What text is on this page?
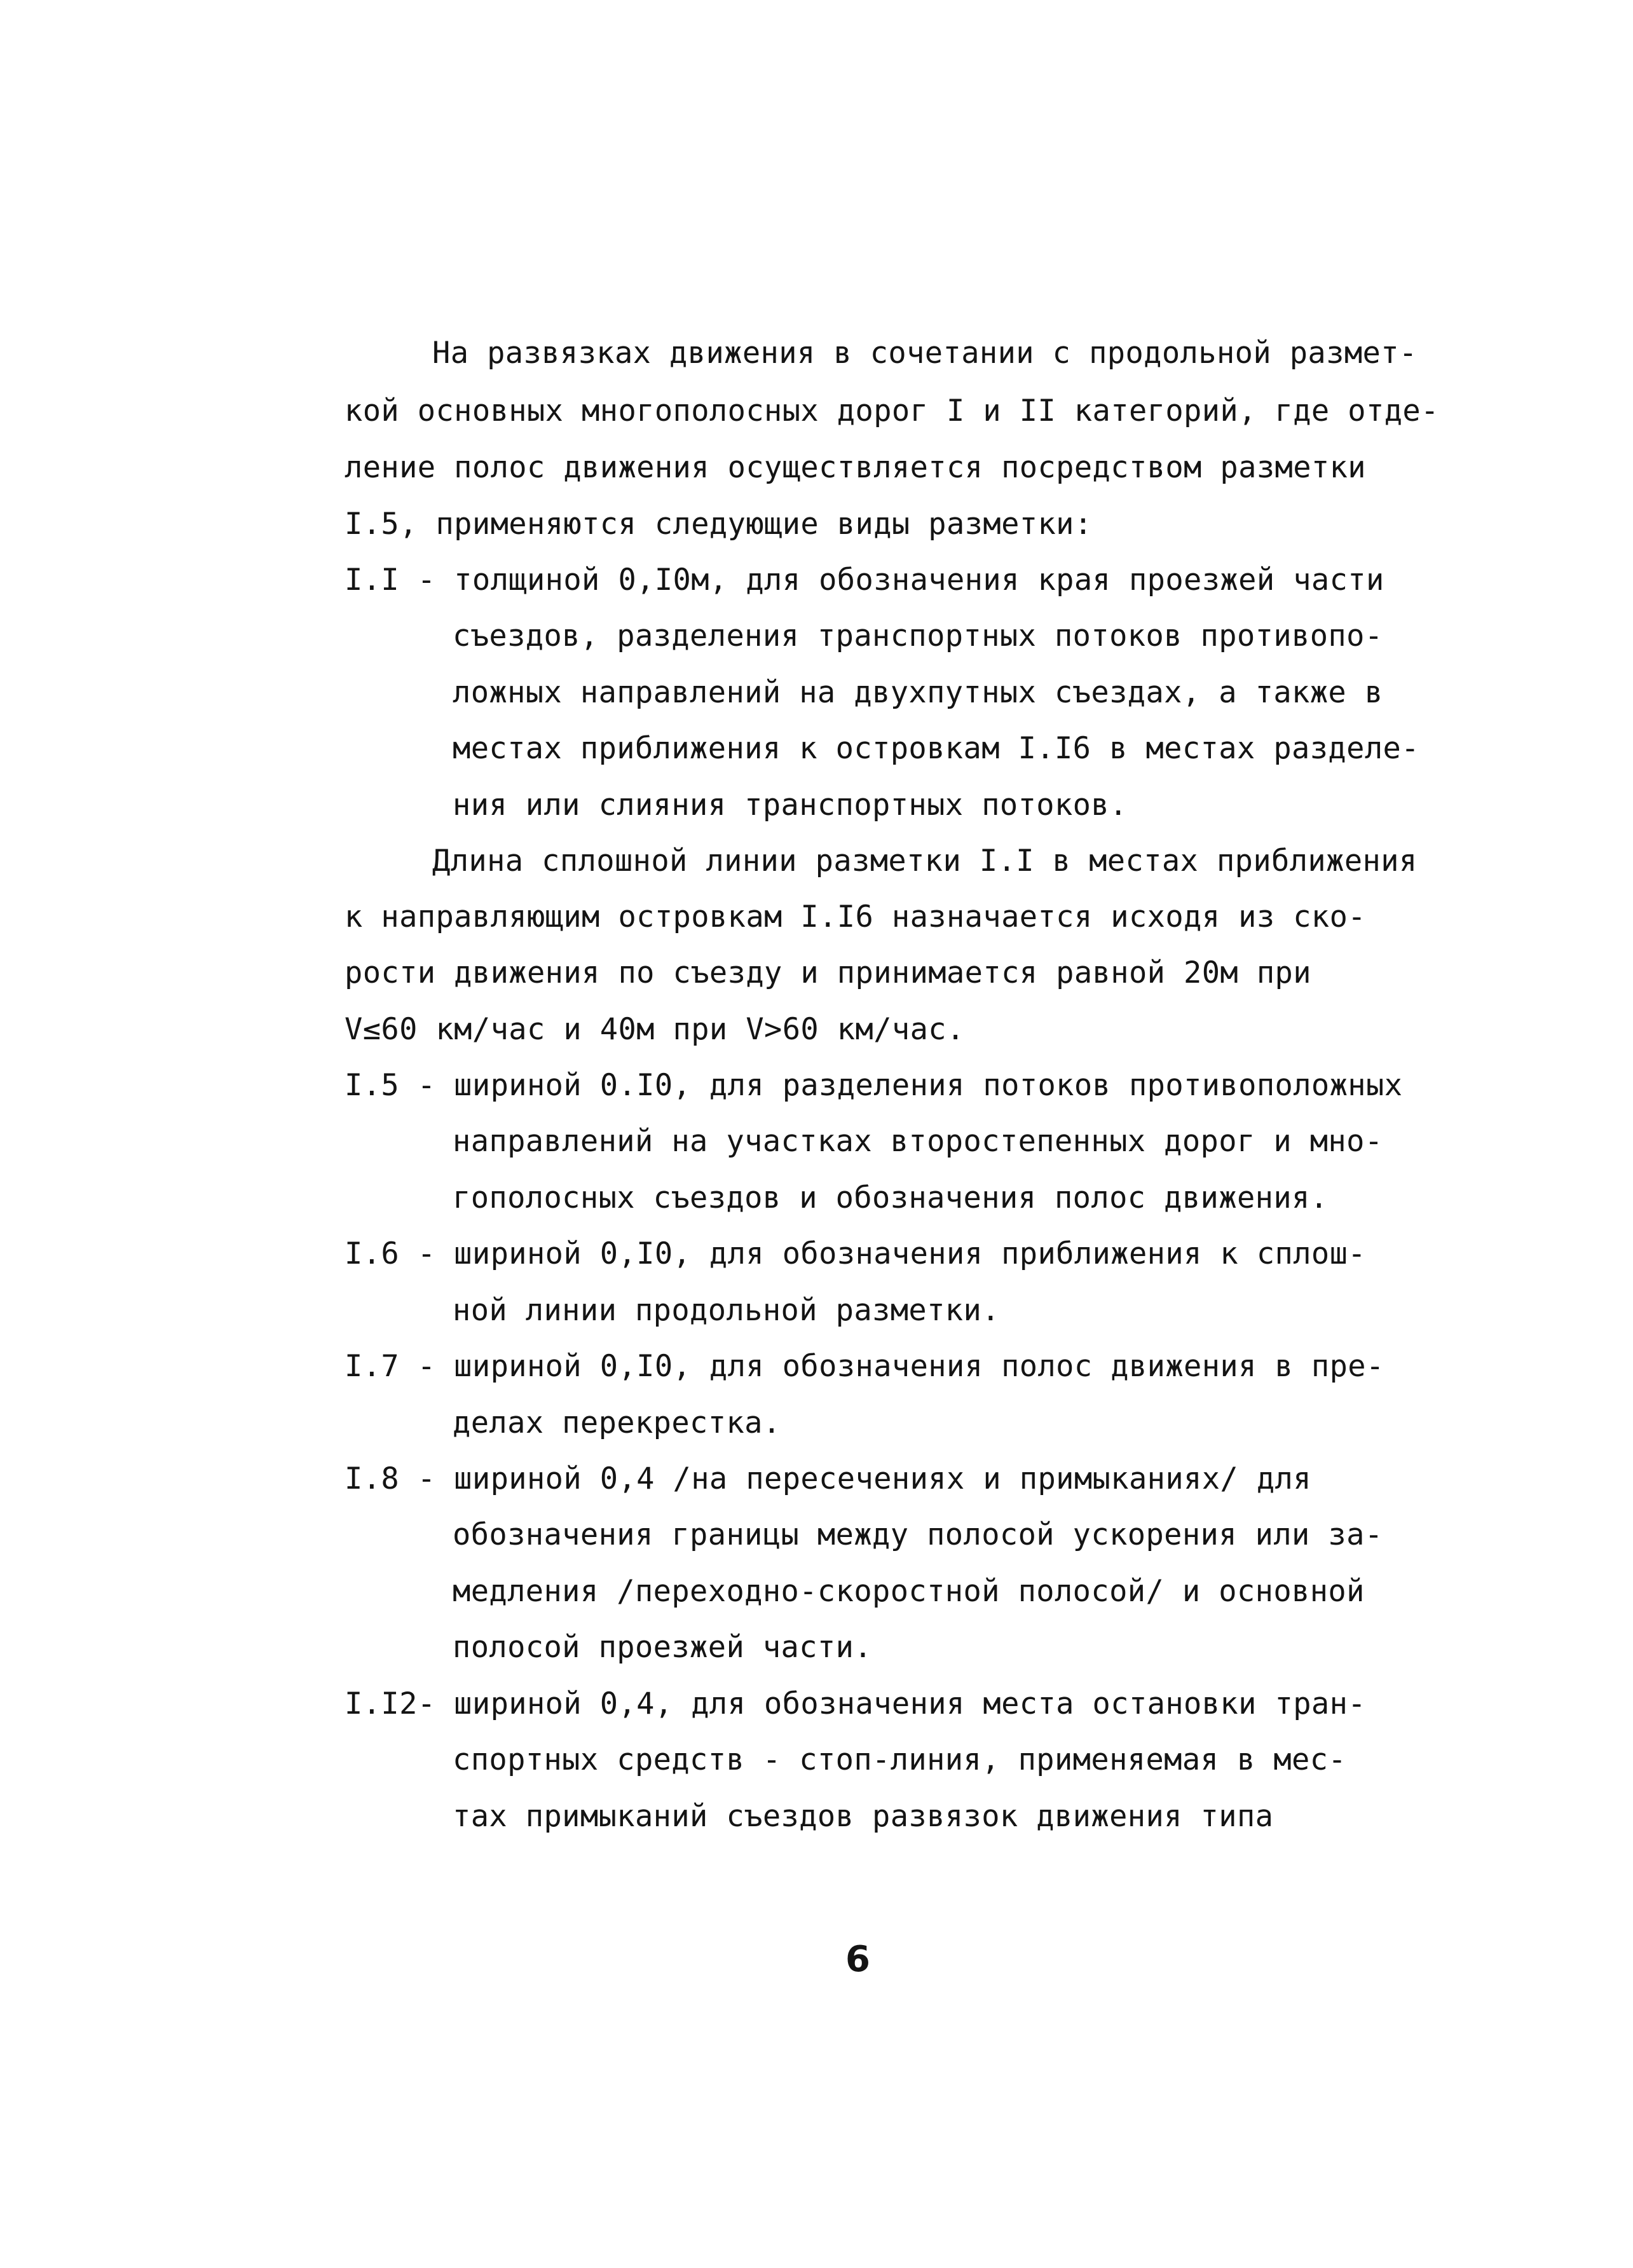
На развязках движения в сочетании с продольной размет-
кой основных многополосных дорог I и II категорий, где отде-
ление полос движения осуществляется посредством разметки
I.5, применяются следующие виды разметки:
I.I - толщиной 0,I0м, для обозначения края проезжей части
съездов, разделения транспортных потоков противопо-
ложных направлений на двухпутных съездах, а также в
местах приближения к островкам I.I6 в местах разделе-
ния или слияния транспортных потоков.
Длина сплошной линии разметки I.I в местах приближения
к направляющим островкам I.I6 назначается исходя из ско-
рости движения по съезду и принимается равной 20м при
V≤60 км/час и 40м при V>60 км/час.
I.5 - шириной 0.I0, для разделения потоков противоположных
направлений на участках второстепенных дорог и мно-
гополосных съездов и обозначения полос движения.
I.6 - шириной 0,I0, для обозначения приближения к сплош-
ной линии продольной разметки.
I.7 - шириной 0,I0, для обозначения полос движения в пре-
делах перекрестка.
I.8 - шириной 0,4 /на пересечениях и примыканиях/ для
обозначения границы между полосой ускорения или за-
медления /переходно-скоростной полосой/ и основной
полосой проезжей части.
I.I2- шириной 0,4, для обозначения места остановки тран-
спортных средств - стоп-линия, применяемая в мес-
тах примыканий съездов развязок движения типа
6
